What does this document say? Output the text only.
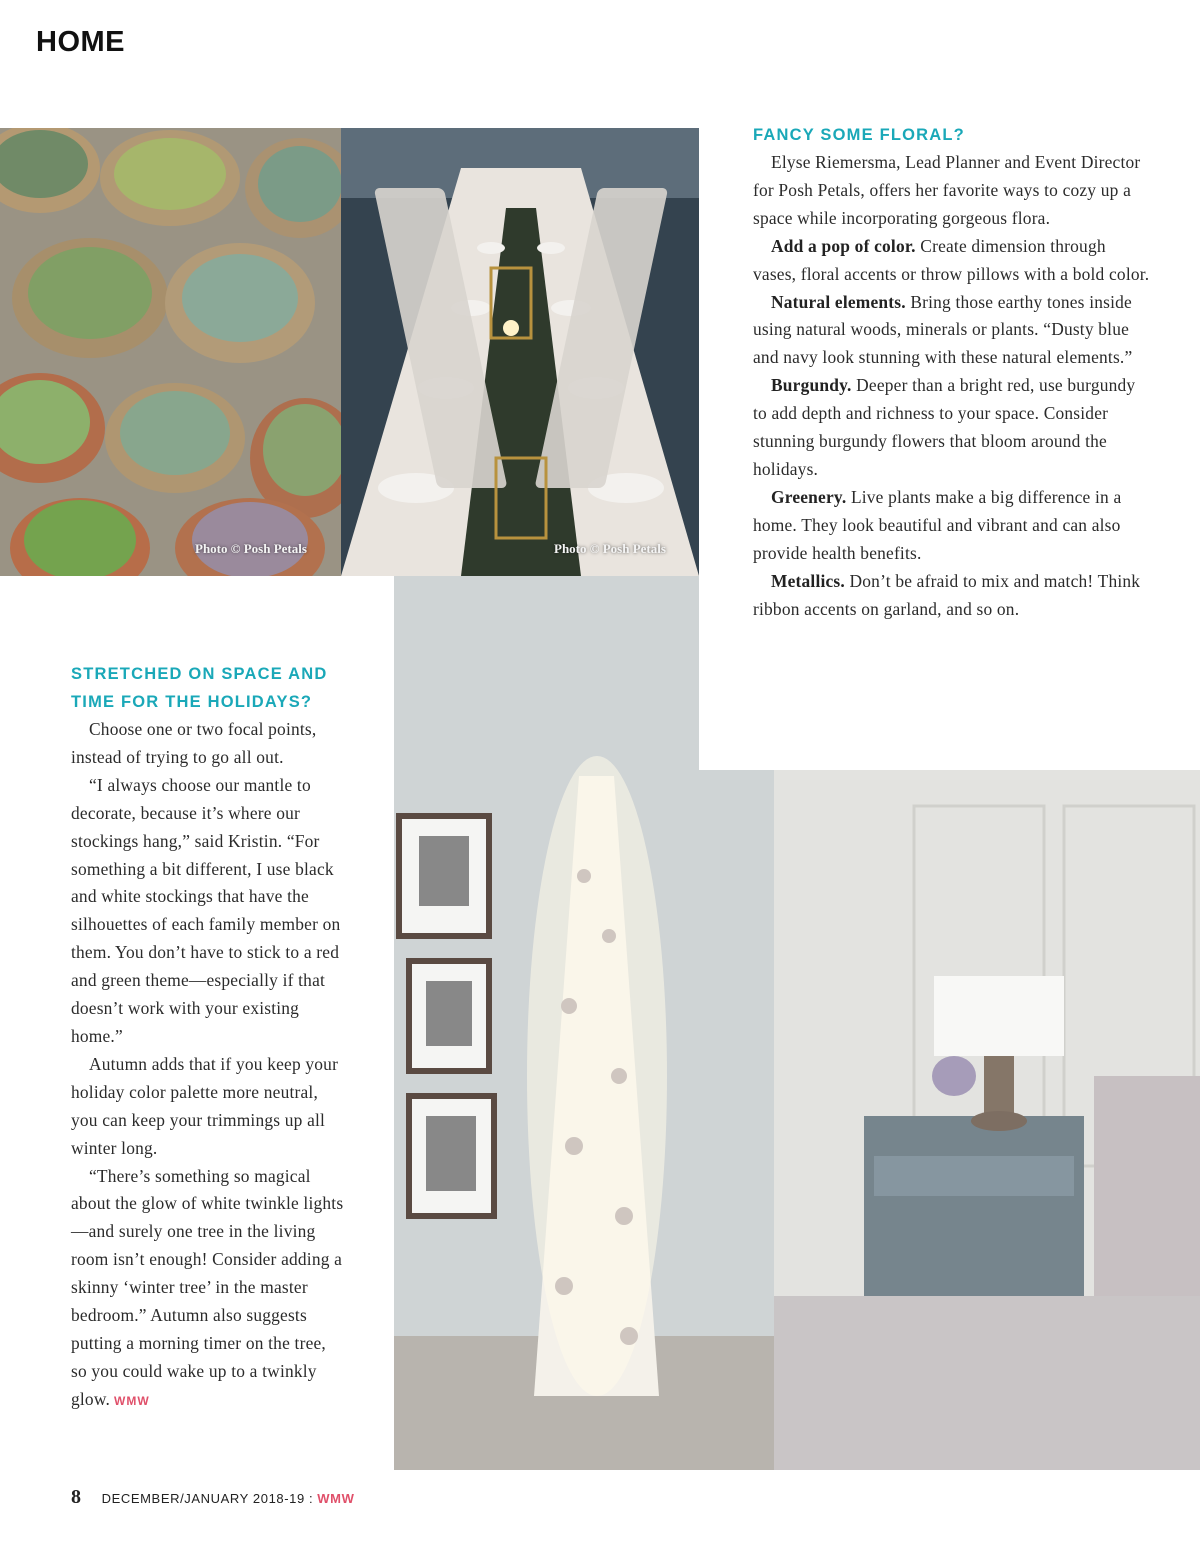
HOME
Photo © Posh Petals	Photo © Posh Petals
FANCY SOME FLORAL?

Elyse Riemersma, Lead Planner and Event Director for Posh Petals, offers her favorite ways to cozy up a space while incorporating gorgeous flora.

Add a pop of color. Create dimension through vases, floral accents or throw pillows with a bold color.

Natural elements. Bring those earthy tones inside using natural woods, minerals or plants. “Dusty blue and navy look stunning with these natural elements.”

Burgundy. Deeper than a bright red, use burgundy to add depth and richness to your space. Consider stunning burgundy flowers that bloom around the holidays.

Greenery. Live plants make a big difference in a home. They look beautiful and vibrant and can also provide health benefits.

Metallics. Don’t be afraid to mix and match! Think ribbon accents on garland, and so on.

STRETCHED ON SPACE AND TIME FOR THE HOLIDAYS?

Choose one or two focal points, instead of trying to go all out.

“I always choose our mantle to decorate, because it’s where our stockings hang,” said Kristin. “For something a bit different, I use black and white stockings that have the silhouettes of each family member on them. You don’t have to stick to a red and green theme—especially if that doesn’t work with your existing home.”

Autumn adds that if you keep your holiday color palette more neutral, you can keep your trimmings up all winter long.

“There’s something so magical about the glow of white twinkle lights—and surely one tree in the living room isn’t enough! Consider adding a skinny ‘winter tree’ in the master bedroom.” Autumn also suggests putting a morning timer on the tree, so you could wake up to a twinkly glow. WMW

8 DECEMBER/JANUARY 2018-19 : WMW
